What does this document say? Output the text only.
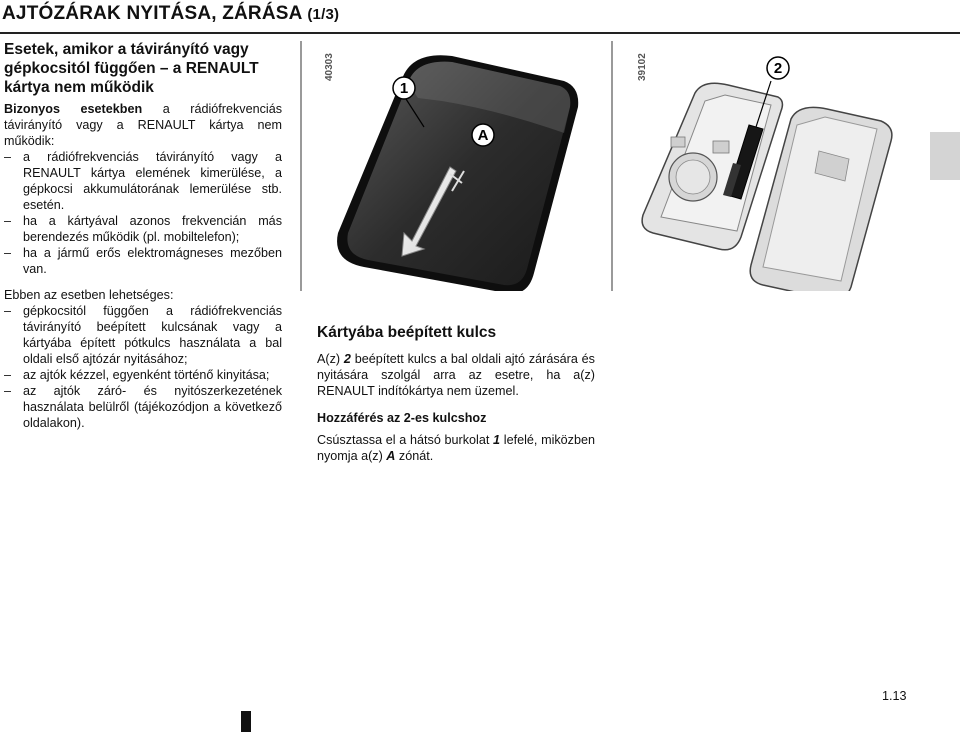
AJTÓZÁRAK NYITÁSA, ZÁRÁSA (1/3)
Esetek, amikor a távirányító vagy gépkocsitól függően – a RENAULT kártya nem működik

Bizonyos esetekben a rádiófrekvenciás távirányító vagy a RENAULT kártya nem működik:

– a rádiófrekvenciás távirányító vagy a RENAULT kártya elemének kimerülése, a gépkocsi akkumulátorának lemerülése stb. esetén.
– ha a kártyával azonos frekvencián más berendezés működik (pl. mobiltelefon);
– ha a jármű erős elektromágneses mezőben van.

Ebben az esetben lehetséges:

– gépkocsitól függően a rádiófrekvenciás távirányító beépített kulcsának vagy a kártyába épített pótkulcs használata a bal oldali első ajtózár nyitásához;
– az ajtók kézzel, egyenként történő kinyitása;
– az ajtók záró- és nyitószerkezetének használata belülről (tájékozódjon a következő oldalakon).
40303
1
A
39102	2
Kártyába beépített kulcs

A(z) 2 beépített kulcs a bal oldali ajtó zárására és nyitására szolgál arra az esetre, ha a(z) RENAULT indítókártya nem üzemel.

Hozzáférés az 2-es kulcshoz

Csúsztassa el a hátsó burkolat 1 lefelé, miközben nyomja a(z) A zónát.

1.13
